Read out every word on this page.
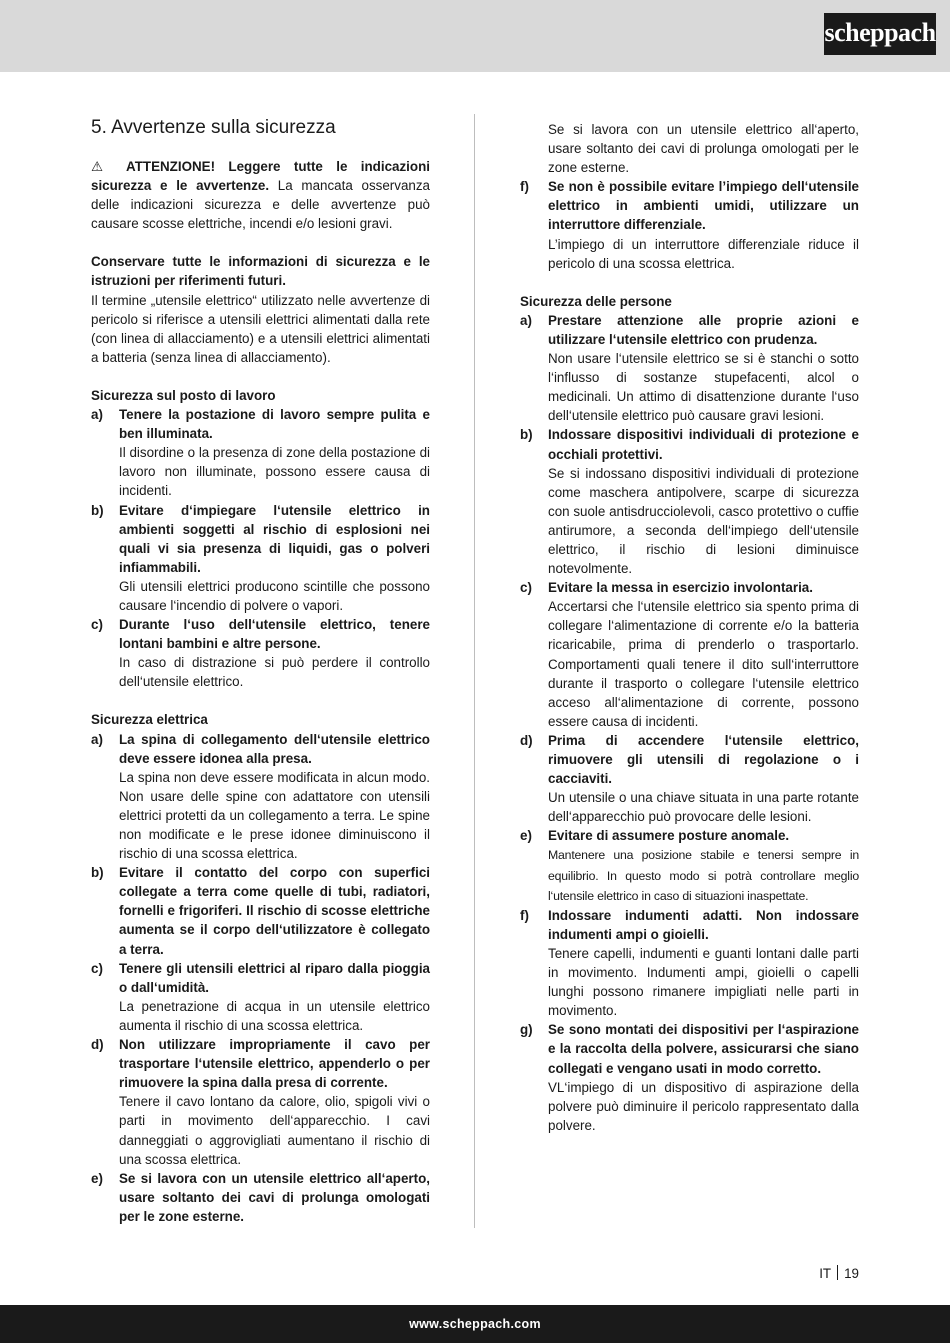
scheppach
5. Avvertenze sulla sicurezza

⚠ ATTENZIONE! Leggere tutte le indicazioni sicurezza e le avvertenze. La mancata osservanza delle indicazioni sicurezza e delle avvertenze può causare scosse elettriche, incendi e/o lesioni gravi.

Conservare tutte le informazioni di sicurezza e le istruzioni per riferimenti futuri.

Il termine „utensile elettrico“ utilizzato nelle avvertenze di pericolo si riferisce a utensili elettrici alimentati dalla rete (con linea di allacciamento) e a utensili elettrici alimentati a batteria (senza linea di allacciamento).

Sicurezza sul posto di lavoro

a)	Tenere la postazione di lavoro sempre pulita e ben illuminata.
Il disordine o la presenza di zone della postazione di lavoro non illuminate, possono essere causa di incidenti.
b)	Evitare d‘impiegare l‘utensile elettrico in ambienti soggetti al rischio di esplosioni nei quali vi sia presenza di liquidi, gas o polveri infiammabili.
Gli utensili elettrici producono scintille che possono causare l‘incendio di polvere o vapori.
c)	Durante l‘uso dell‘utensile elettrico, tenere lontani bambini e altre persone.
In caso di distrazione si può perdere il controllo dell‘utensile elettrico.

Sicurezza elettrica

a)	La spina di collegamento dell‘utensile elettrico deve essere idonea alla presa.
La spina non deve essere modificata in alcun modo. Non usare delle spine con adattatore con utensili elettrici protetti da un collegamento a terra. Le spine non modificate e le prese idonee diminuiscono il rischio di una scossa elettrica.
b)	Evitare il contatto del corpo con superfici collegate a terra come quelle di tubi, radiatori, fornelli e frigoriferi. Il rischio di scosse elettriche aumenta se il corpo dell‘utilizzatore è collegato a terra.
c)	Tenere gli utensili elettrici al riparo dalla pioggia o dall‘umidità.
La penetrazione di acqua in un utensile elettrico aumenta il rischio di una scossa elettrica.
d)	Non utilizzare impropriamente il cavo per trasportare l‘utensile elettrico, appenderlo o per rimuovere la spina dalla presa di corrente.
Tenere il cavo lontano da calore, olio, spigoli vivi o parti in movimento dell‘apparecchio. I cavi danneggiati o aggrovigliati aumentano il rischio di una scossa elettrica.
e)	Se si lavora con un utensile elettrico all‘aperto, usare soltanto dei cavi di prolunga omologati per le zone esterne.
Se si lavora con un utensile elettrico all‘aperto, usare soltanto dei cavi di prolunga omologati per le zone esterne.
f)	Se non è possibile evitare l’impiego dell‘utensile elettrico in ambienti umidi, utilizzare un interruttore differenziale.
L’impiego di un interruttore differenziale riduce il pericolo di una scossa elettrica.

Sicurezza delle persone

a)	Prestare attenzione alle proprie azioni e utilizzare l‘utensile elettrico con prudenza.
Non usare l‘utensile elettrico se si è stanchi o sotto l‘influsso di sostanze stupefacenti, alcol o medicinali. Un attimo di disattenzione durante l‘uso dell‘utensile elettrico può causare gravi lesioni.
b)	Indossare dispositivi individuali di protezione e occhiali protettivi.
Se si indossano dispositivi individuali di protezione come maschera antipolvere, scarpe di sicurezza con suole antisdrucciolevoli, casco protettivo o cuffie antirumore, a seconda dell‘impiego dell‘utensile elettrico, il rischio di lesioni diminuisce notevolmente.
c)	Evitare la messa in esercizio involontaria.
Accertarsi che l‘utensile elettrico sia spento prima di collegare l‘alimentazione di corrente e/o la batteria ricaricabile, prima di prenderlo o trasportarlo. Comportamenti quali tenere il dito sull‘interruttore durante il trasporto o collegare l‘utensile elettrico acceso all‘alimentazione di corrente, possono essere causa di incidenti.
d)	Prima di accendere l‘utensile elettrico, rimuovere gli utensili di regolazione o i cacciaviti.
Un utensile o una chiave situata in una parte rotante dell‘apparecchio può provocare delle lesioni.
e)	Evitare di assumere posture anomale.
Mantenere una posizione stabile e tenersi sempre in equilibrio. In questo modo si potrà controllare meglio l‘utensile elettrico in caso di situazioni inaspettate.
f)	Indossare indumenti adatti. Non indossare indumenti ampi o gioielli.
Tenere capelli, indumenti e guanti lontani dalle parti in movimento. Indumenti ampi, gioielli o capelli lunghi possono rimanere impigliati nelle parti in movimento.
g)	Se sono montati dei dispositivi per l‘aspirazione e la raccolta della polvere, assicurarsi che siano collegati e vengano usati in modo corretto.
VL‘impiego di un dispositivo di aspirazione della polvere può diminuire il pericolo rappresentato dalla polvere.
IT 19
www.scheppach.com
